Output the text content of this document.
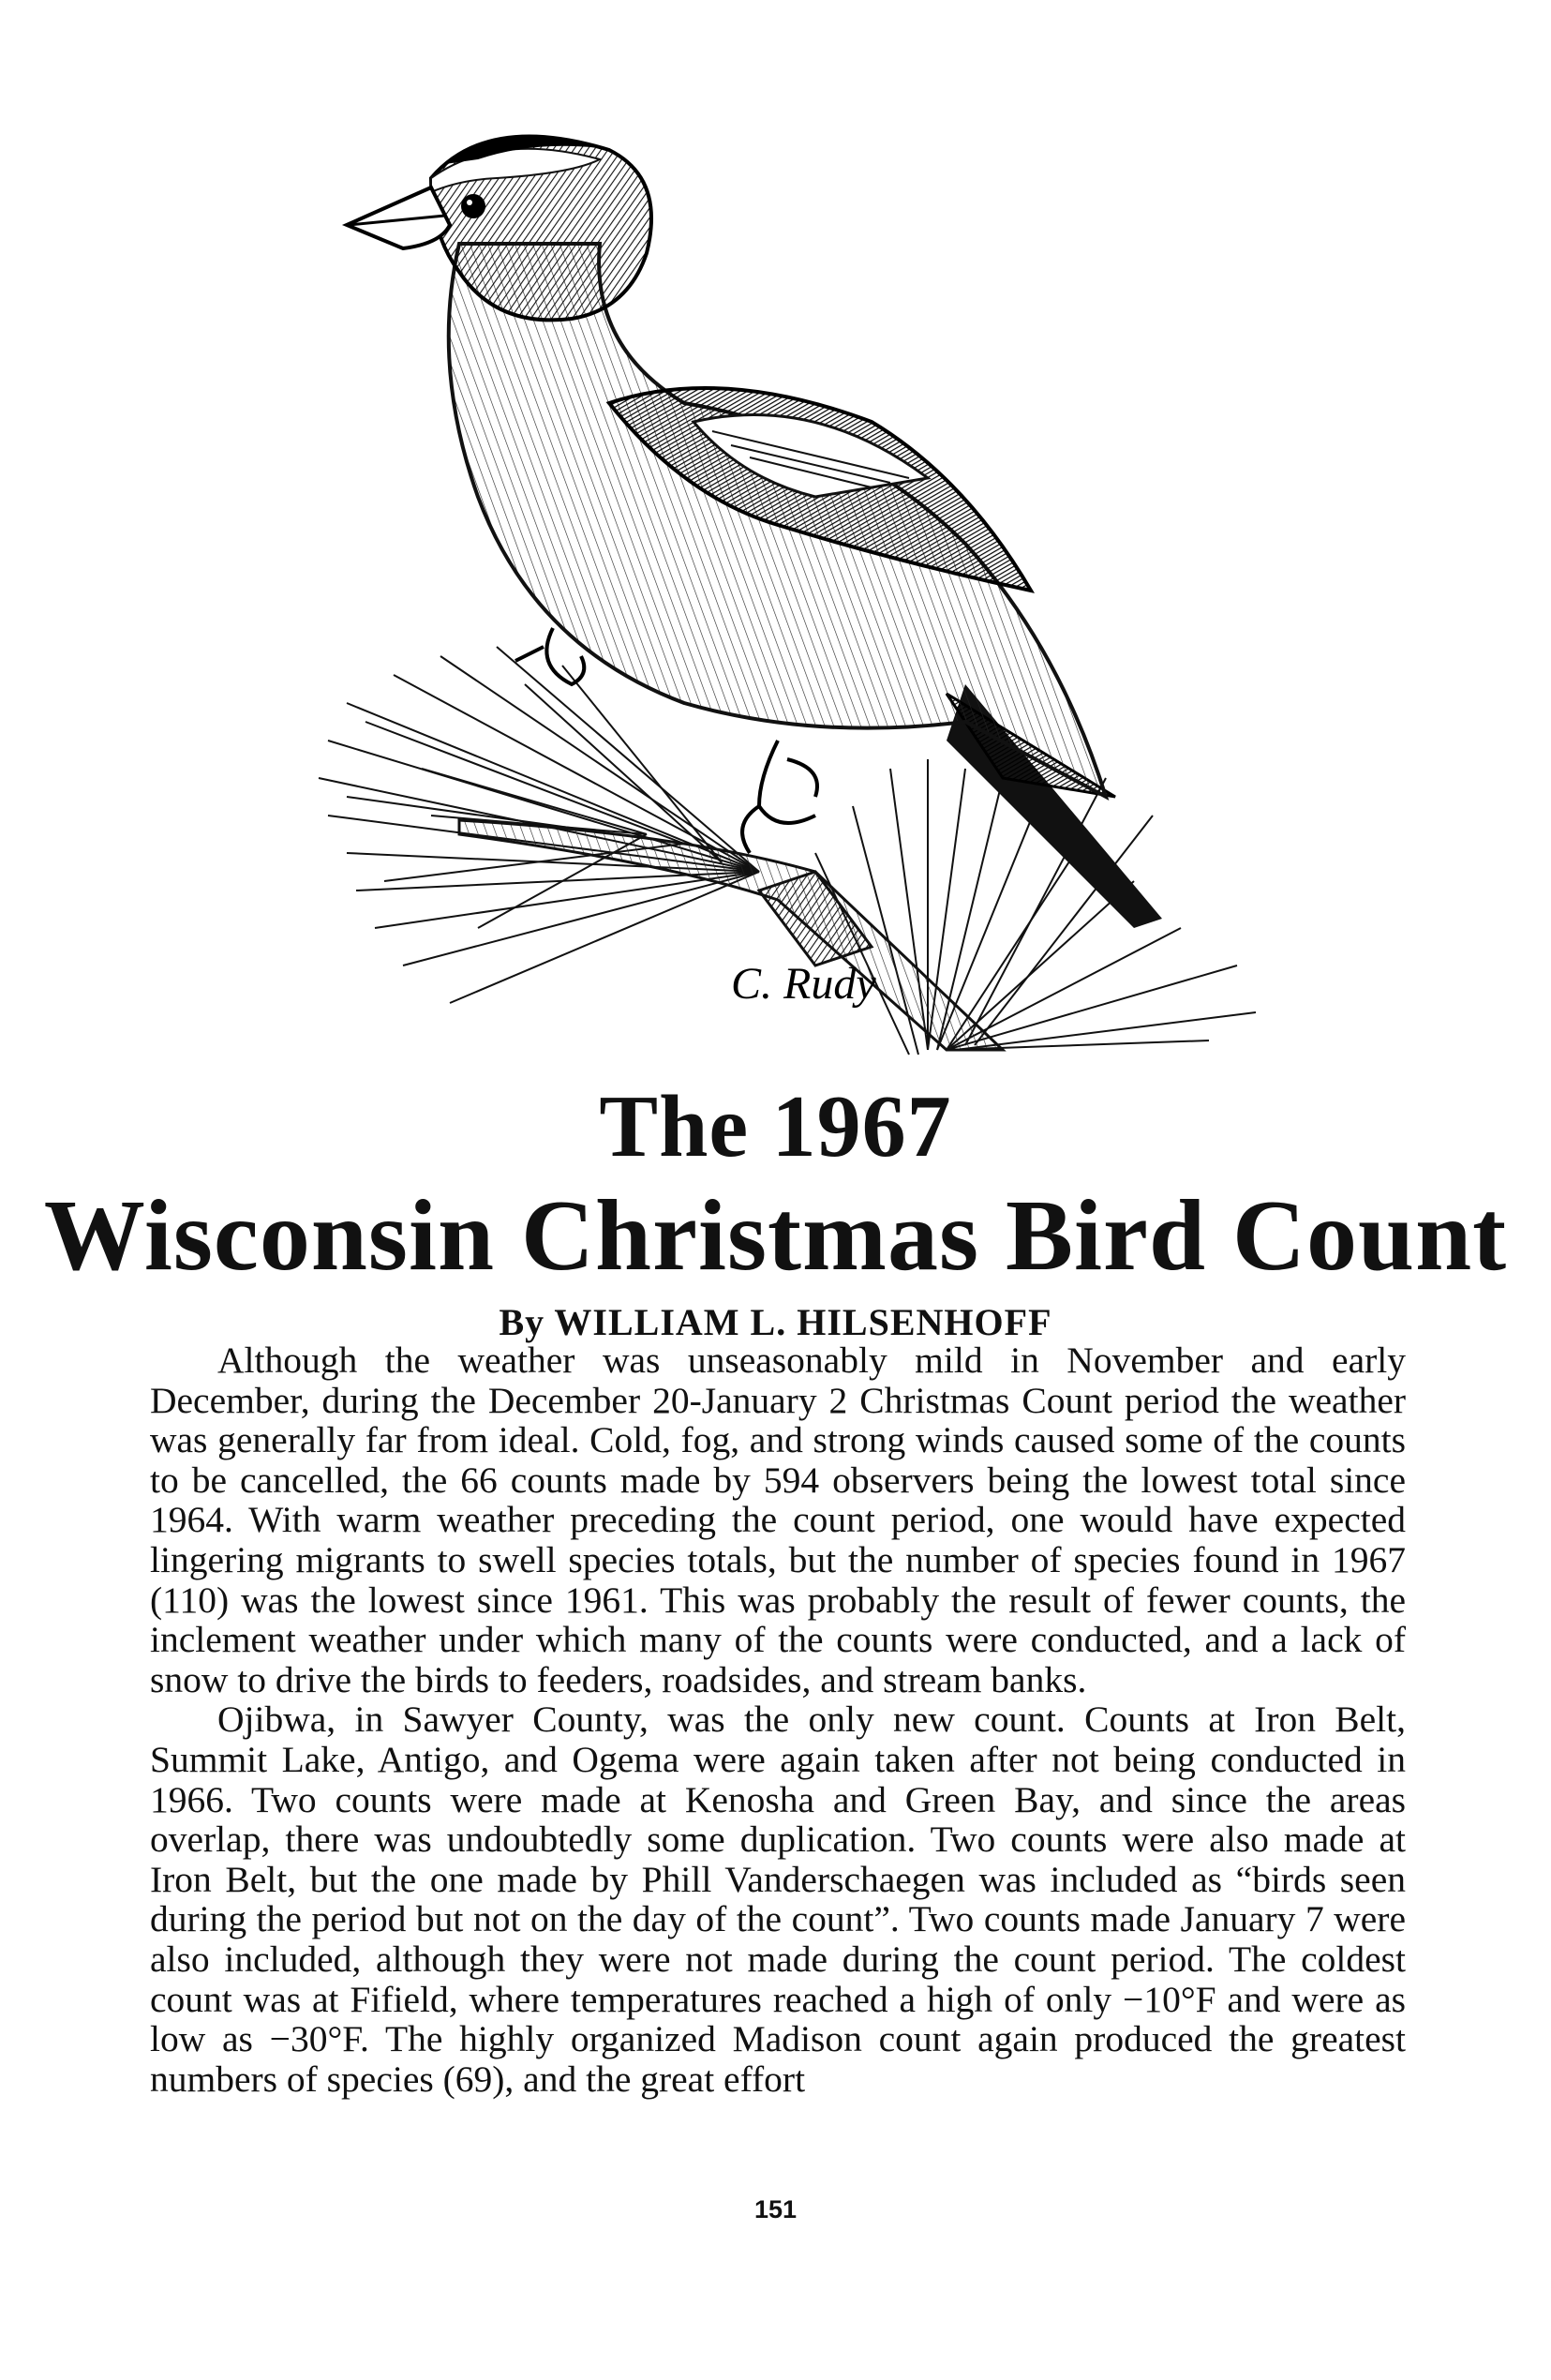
C. Rudy
The 1967
Wisconsin Christmas Bird Count
By WILLIAM L. HILSENHOFF

Although the weather was unseasonably mild in November and early December, during the December 20-January 2 Christmas Count period the weather was generally far from ideal. Cold, fog, and strong winds caused some of the counts to be cancelled, the 66 counts made by 594 observers being the lowest total since 1964. With warm weather preceding the count period, one would have expected lingering migrants to swell species totals, but the number of species found in 1967 (110) was the lowest since 1961. This was probably the result of fewer counts, the inclement weather under which many of the counts were conducted, and a lack of snow to drive the birds to feeders, roadsides, and stream banks.

Ojibwa, in Sawyer County, was the only new count. Counts at Iron Belt, Summit Lake, Antigo, and Ogema were again taken after not being conducted in 1966. Two counts were made at Kenosha and Green Bay, and since the areas overlap, there was undoubtedly some duplication. Two counts were also made at Iron Belt, but the one made by Phill Vanderschaegen was included as “birds seen during the period but not on the day of the count”. Two counts made January 7 were also included, although they were not made during the count period. The coldest count was at Fifield, where temperatures reached a high of only −10°F and were as low as −30°F. The highly organized Madison count again produced the greatest numbers of species (69), and the great effort

151
